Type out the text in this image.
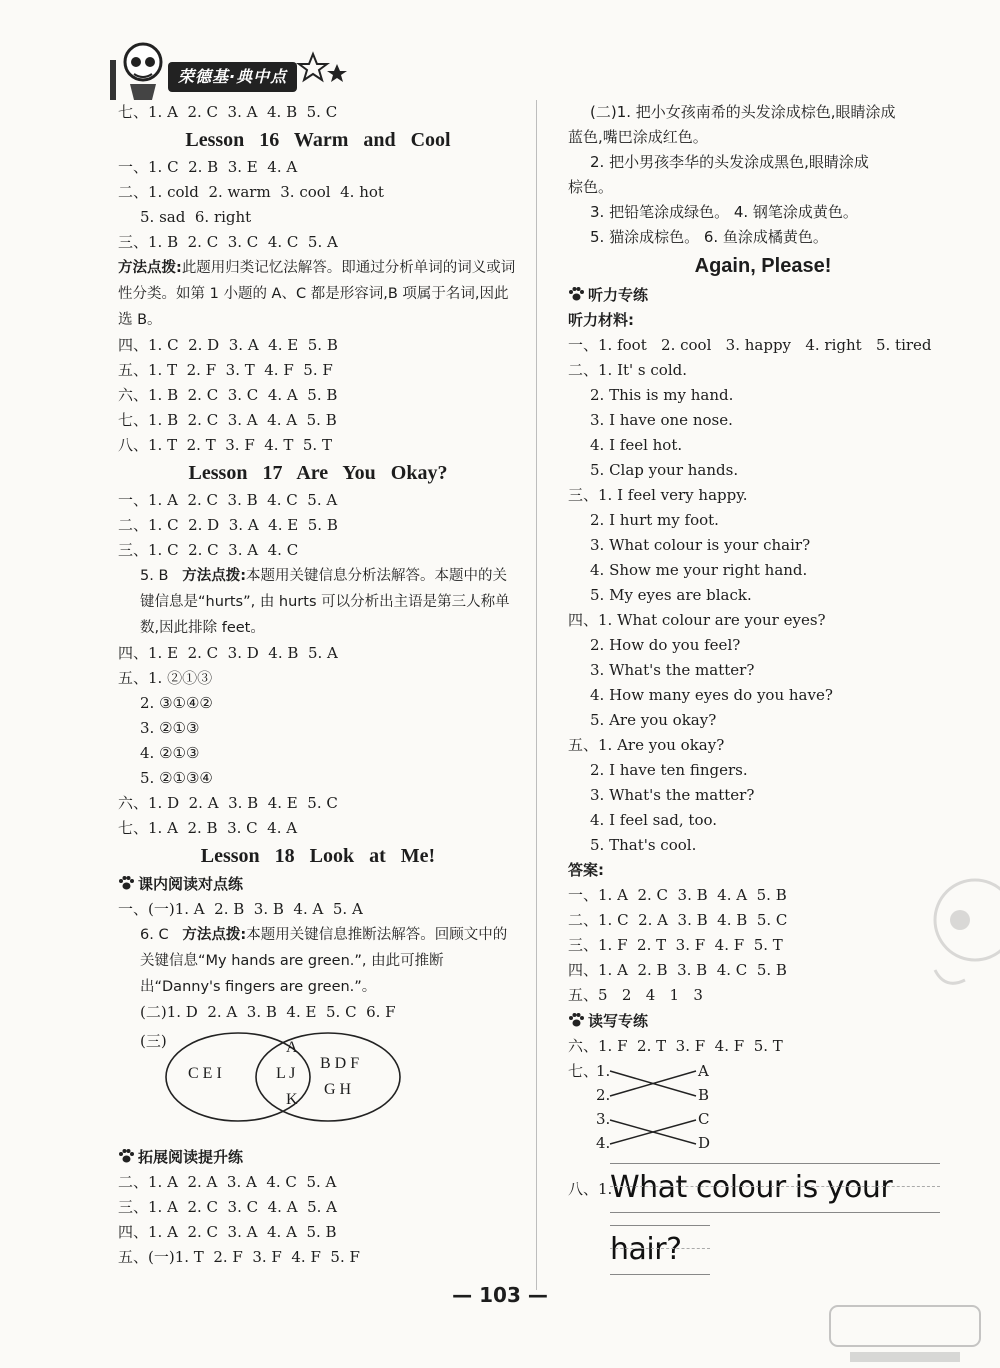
荣德基·典中点
七、1. A  2. C  3. A  4. B  5. C
Lesson 16 Warm and Cool
一、1. C  2. B  3. E  4. A
二、1. cold  2. warm  3. cool  4. hot
5. sad  6. right
三、1. B  2. C  3. C  4. C  5. A
方法点拨:此题用归类记忆法解答。即通过分析单词的词义或词性分类。如第 1 小题的 A、C 都是形容词,B 项属于名词,因此选 B。
四、1. C  2. D  3. A  4. E  5. B
五、1. T  2. F  3. T  4. F  5. F
六、1. B  2. C  3. C  4. A  5. B
七、1. B  2. C  3. A  4. A  5. B
八、1. T  2. T  3. F  4. T  5. T
Lesson 17 Are You Okay?
一、1. A  2. C  3. B  4. C  5. A
二、1. C  2. D  3. A  4. E  5. B
三、1. C  2. C  3. A  4. C
5. B 方法点拨:本题用关键信息分析法解答。本题中的关键信息是“hurts”, 由 hurts 可以分析出主语是第三人称单数,因此排除 feet。
四、1. E  2. C  3. D  4. B  5. A
五、1. ②①③
2. ③①④②
3. ②①③
4. ②①③
5. ②①③④
六、1. D  2. A  3. B  4. E  5. C
七、1. A  2. B  3. C  4. A
Lesson 18 Look at Me!
课内阅读对点练
一、(一)1. A  2. B  3. B  4. A  5. A
6. C 方法点拨:本题用关键信息推断法解答。回顾文中的关键信息“My hands are green.”, 由此可推断出“Danny's fingers are green.”。
(二)1. D  2. A  3. B  4. E  5. C  6. F
(三)
C E I
A
L J
K
B D F
G H
拓展阅读提升练
二、1. A  2. A  3. A  4. C  5. A
三、1. A  2. C  3. C  4. A  5. A
四、1. A  2. C  3. A  4. A  5. B
五、(一)1. T  2. F  3. F  4. F  5. F
(二)1. 把小女孩南希的头发涂成棕色,眼睛涂成
蓝色,嘴巴涂成红色。
2. 把小男孩李华的头发涂成黑色,眼睛涂成
棕色。
3. 把铅笔涂成绿色。 4. 钢笔涂成黄色。
5. 猫涂成棕色。 6. 鱼涂成橘黄色。
Again, Please!
听力专练
听力材料:
一、1. foot   2. cool   3. happy   4. right   5. tired
二、1. It' s cold.
2. This is my hand.
3. I have one nose.
4. I feel hot.
5. Clap your hands.
三、1. I feel very happy.
2. I hurt my foot.
3. What colour is your chair?
4. Show me your right hand.
5. My eyes are black.
四、1. What colour are your eyes?
2. How do you feel?
3. What's the matter?
4. How many eyes do you have?
5. Are you okay?
五、1. Are you okay?
2. I have ten fingers.
3. What's the matter?
4. I feel sad, too.
5. That's cool.
答案:
一、1. A  2. C  3. B  4. A  5. B
二、1. C  2. A  3. B  4. B  5. C
三、1. F  2. T  3. F  4. F  5. T
四、1. A  2. B  3. B  4. C  5. B
五、5   2   4   1   3
读写专练
六、1. F  2. T  3. F  4. F  5. T
七、
1.
2.
3.
4.
A
B
C
D
八、1.
What colour is your
hair?
— 103 —
